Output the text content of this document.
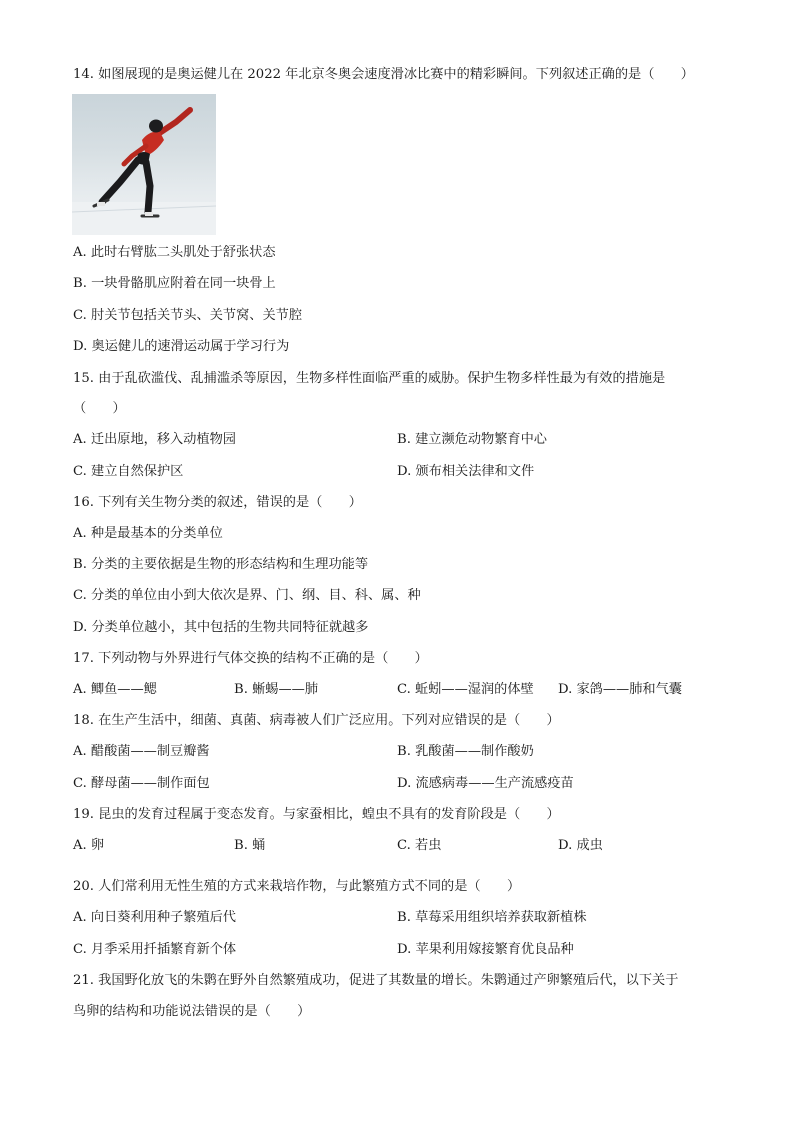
14. 如图展现的是奥运健儿在 2022 年北京冬奥会速度滑冰比赛中的精彩瞬间。下列叙述正确的是（　　）
A. 此时右臂肱二头肌处于舒张状态
B. 一块骨骼肌应附着在同一块骨上
C. 肘关节包括关节头、关节窝、关节腔
D. 奥运健儿的速滑运动属于学习行为
15. 由于乱砍滥伐、乱捕滥杀等原因，生物多样性面临严重的威胁。保护生物多样性最为有效的措施是
（　　）
A. 迁出原地，移入动植物园	B. 建立濒危动物繁育中心
C. 建立自然保护区	D. 颁布相关法律和文件
16. 下列有关生物分类的叙述，错误的是（　　）
A. 种是最基本的分类单位
B. 分类的主要依据是生物的形态结构和生理功能等
C. 分类的单位由小到大依次是界、门、纲、目、科、属、种
D. 分类单位越小，其中包括的生物共同特征就越多
17. 下列动物与外界进行气体交换的结构不正确的是（　　）
A. 鲫鱼——鳃	B. 蜥蜴——肺	C. 蚯蚓——湿润的体壁 D. 家鸽——肺和气囊
18. 在生产生活中，细菌、真菌、病毒被人们广泛应用。下列对应错误的是（　　）
A. 醋酸菌——制豆瓣酱	B. 乳酸菌——制作酸奶
C. 酵母菌——制作面包	D. 流感病毒——生产流感疫苗
19. 昆虫的发育过程属于变态发育。与家蚕相比，蝗虫不具有的发育阶段是（　　）
A. 卵	B. 蛹	C. 若虫	D. 成虫
20. 人们常利用无性生殖的方式来栽培作物，与此繁殖方式不同的是（　　）
A. 向日葵利用种子繁殖后代	B. 草莓采用组织培养获取新植株
C. 月季采用扦插繁育新个体	D. 苹果利用嫁接繁育优良品种
21. 我国野化放飞的朱鹮在野外自然繁殖成功，促进了其数量的增长。朱鹮通过产卵繁殖后代，以下关于
鸟卵的结构和功能说法错误的是（　　）
